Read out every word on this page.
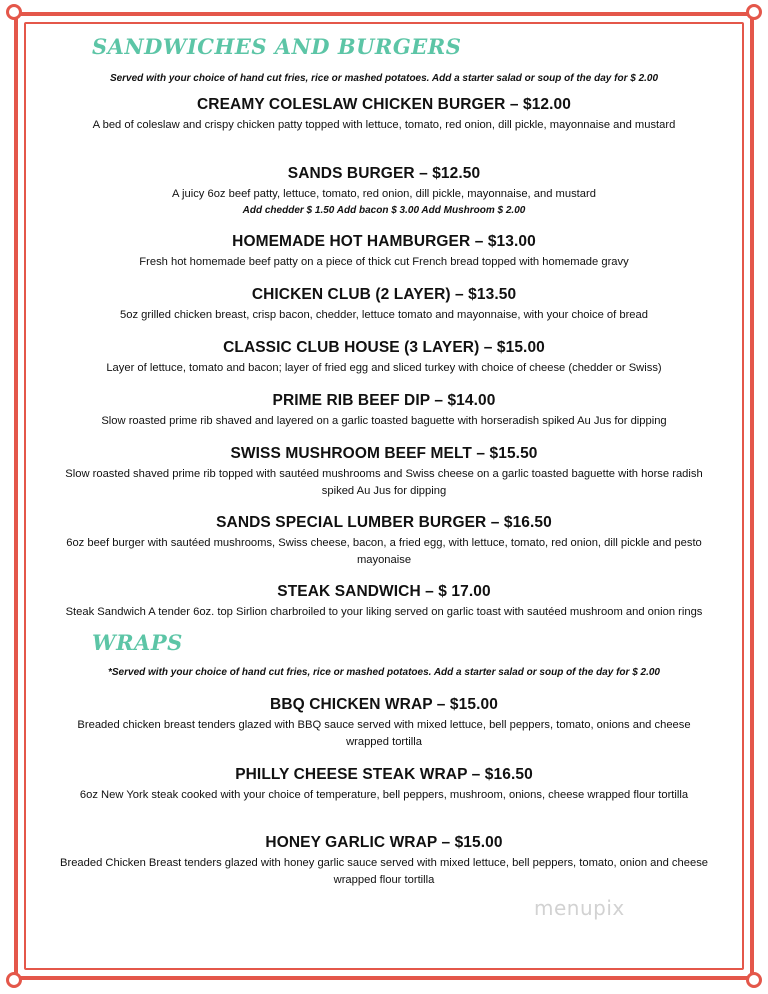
SANDWICHES AND BURGERS

Served with your choice of hand cut fries, rice or mashed potatoes. Add a starter salad or soup of the day for $ 2.00

CREAMY COLESLAW CHICKEN BURGER – $12.00

A bed of coleslaw and crispy chicken patty topped with lettuce, tomato, red onion, dill pickle, mayonnaise and mustard

SANDS BURGER – $12.50

A juicy 6oz beef patty, lettuce, tomato, red onion, dill pickle, mayonnaise, and mustard

Add chedder $ 1.50 Add bacon $ 3.00 Add Mushroom $ 2.00

HOMEMADE HOT HAMBURGER – $13.00

Fresh hot homemade beef patty on a piece of thick cut French bread topped with homemade gravy

CHICKEN CLUB (2 LAYER) – $13.50

5oz grilled chicken breast, crisp bacon, chedder, lettuce tomato and mayonnaise, with your choice of bread

CLASSIC CLUB HOUSE (3 LAYER) – $15.00

Layer of lettuce, tomato and bacon; layer of fried egg and sliced turkey with choice of cheese (chedder or Swiss)

PRIME RIB BEEF DIP – $14.00

Slow roasted prime rib shaved and layered on a garlic toasted baguette with horseradish spiked Au Jus for dipping

SWISS MUSHROOM BEEF MELT – $15.50

Slow roasted shaved prime rib topped with sautéed mushrooms and Swiss cheese on a garlic toasted baguette with horse radish spiked Au Jus for dipping

SANDS SPECIAL LUMBER BURGER – $16.50

6oz beef burger with sautéed mushrooms, Swiss cheese, bacon, a fried egg, with lettuce, tomato, red onion, dill pickle and pesto mayonaise

STEAK SANDWICH – $ 17.00

Steak Sandwich A tender 6oz. top Sirlion charbroiled to your liking served on garlic toast with sautéed mushroom and onion rings

WRAPS

*Served with your choice of hand cut fries, rice or mashed potatoes. Add a starter salad or soup of the day for $ 2.00

BBQ CHICKEN WRAP – $15.00

Breaded chicken breast tenders glazed with BBQ sauce served with mixed lettuce, bell peppers, tomato, onions and cheese wrapped tortilla

PHILLY CHEESE STEAK WRAP – $16.50

6oz New York steak cooked with your choice of temperature, bell peppers, mushroom, onions, cheese wrapped flour tortilla

HONEY GARLIC WRAP – $15.00

Breaded Chicken Breast tenders glazed with honey garlic sauce served with mixed lettuce, bell peppers, tomato, onion and cheese wrapped flour tortilla

menupix
